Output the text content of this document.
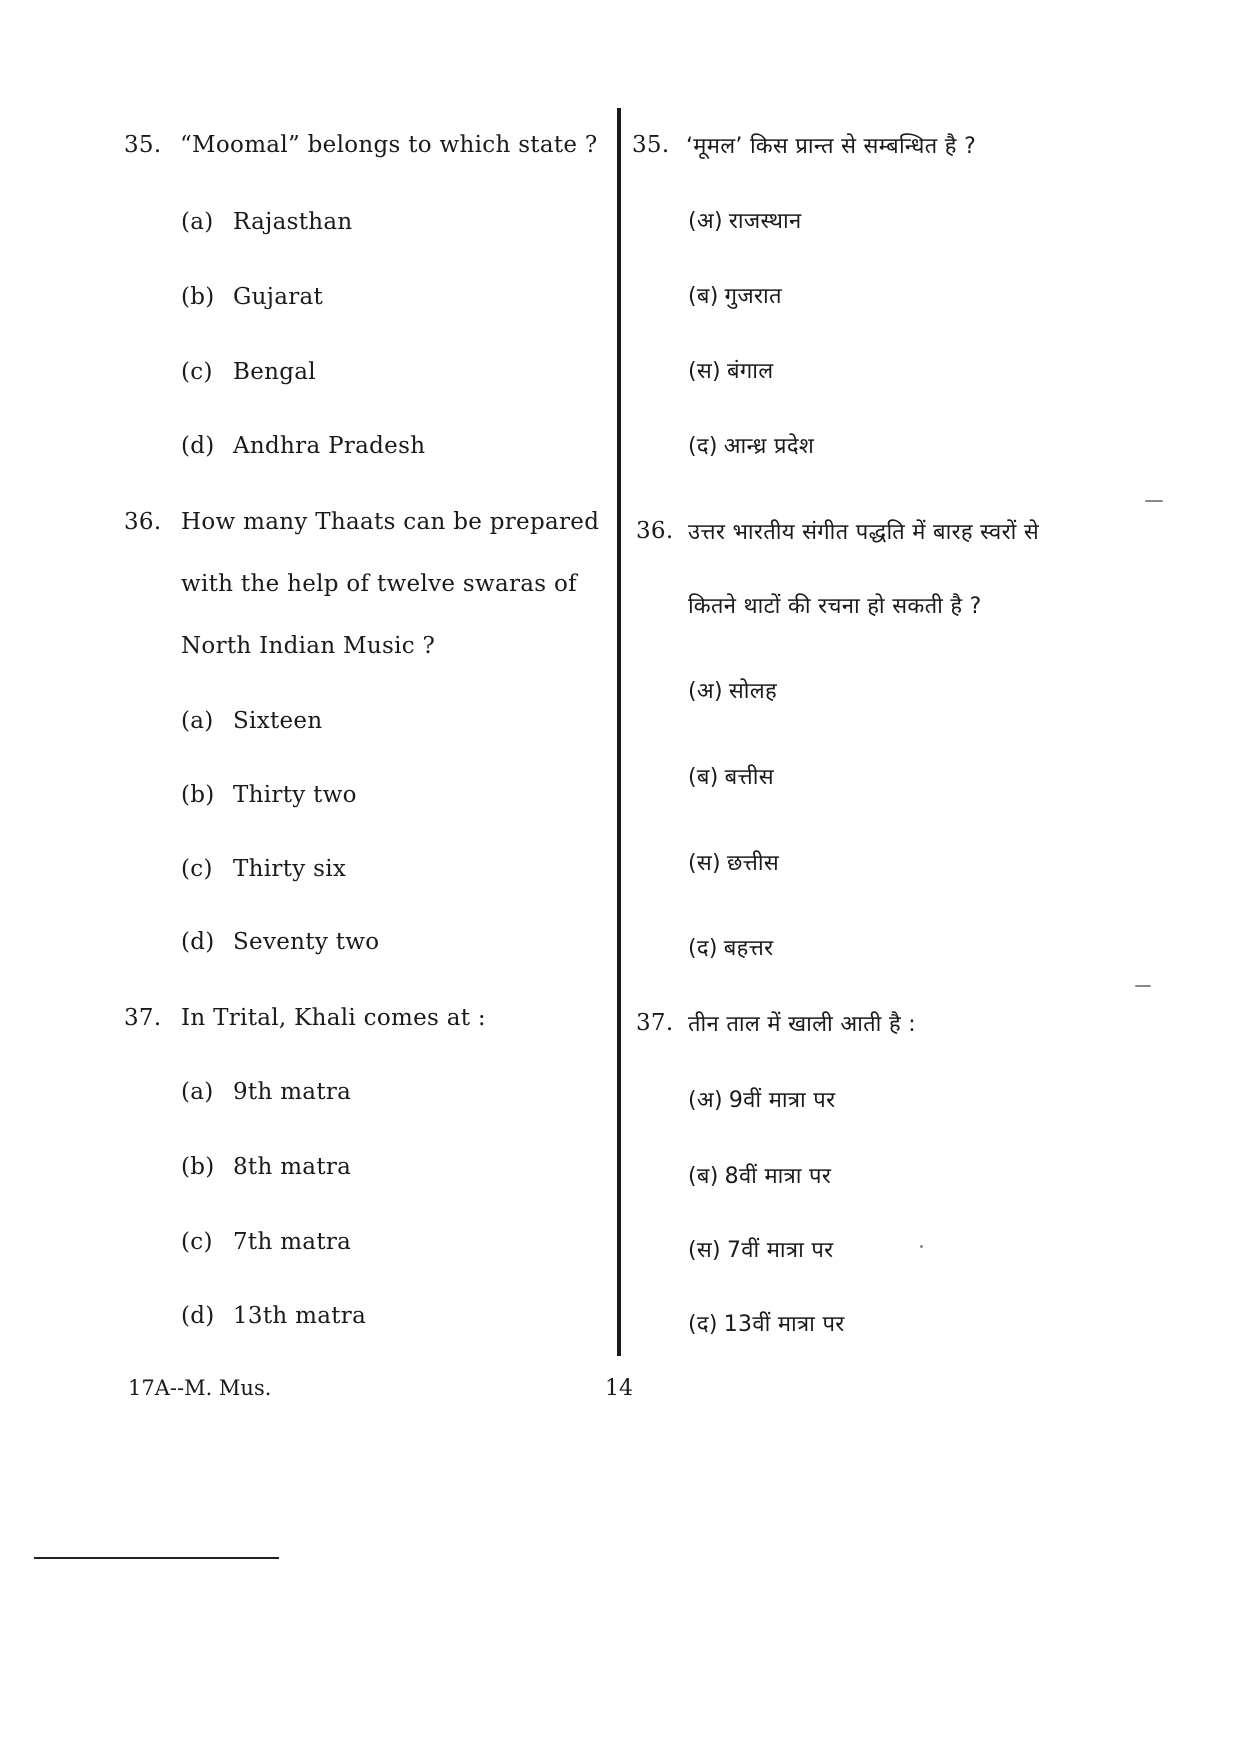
35. “Moomal” belongs to which state ?
(a) Rajasthan
(b) Gujarat
(c) Bengal
(d) Andhra Pradesh
36. How many Thaats can be prepared
with the help of twelve swaras of
North Indian Music ?
(a) Sixteen
(b) Thirty two
(c) Thirty six
(d) Seventy two
37. In Trital, Khali comes at :
(a) 9th matra
(b) 8th matra
(c) 7th matra
(d) 13th matra
35. ‘मूमल’ किस प्रान्त से सम्बन्धित है ?
(अ) राजस्थान
(ब) गुजरात
(स) बंगाल
(द) आन्ध्र प्रदेश
36. उत्तर भारतीय संगीत पद्धति में बारह स्वरों से
कितने थाटों की रचना हो सकती है ?
(अ) सोलह
(ब) बत्तीस
(स) छत्तीस
(द) बहत्तर
37. तीन ताल में खाली आती है :
(अ) 9वीं मात्रा पर
(ब) 8वीं मात्रा पर
(स) 7वीं मात्रा पर
(द) 13वीं मात्रा पर
17A--M. Mus.	14
